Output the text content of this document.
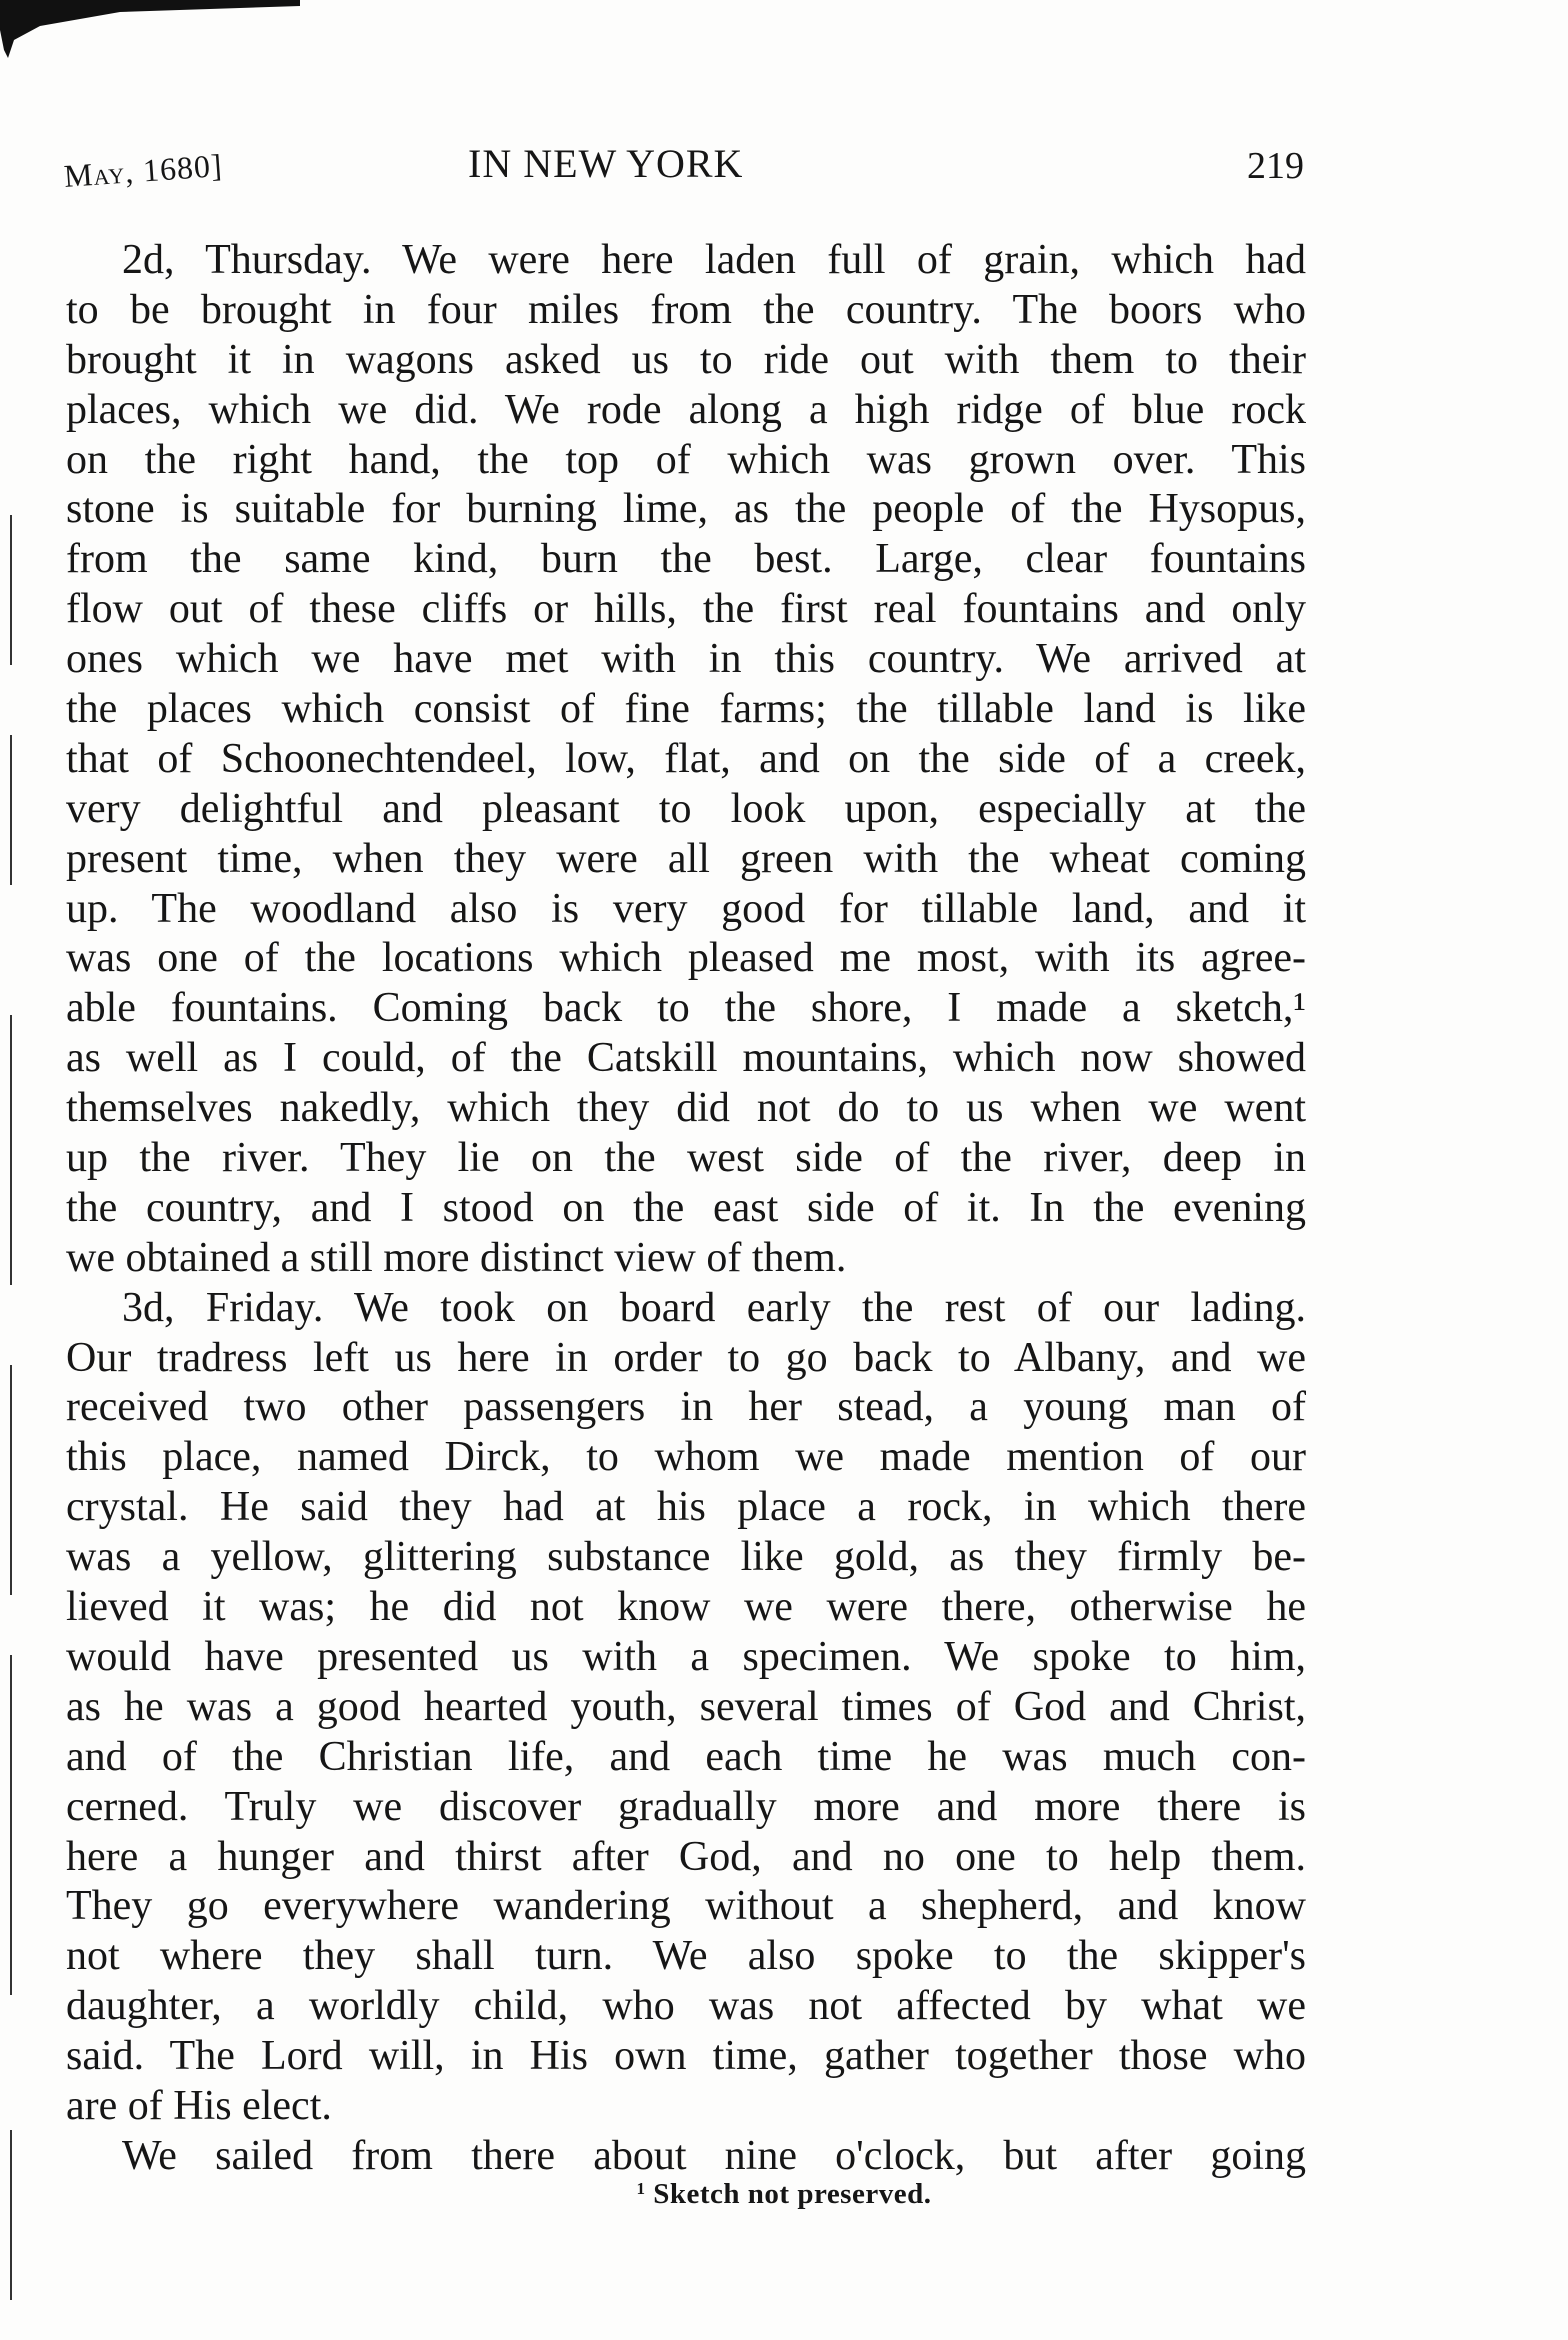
May, 1680]	IN NEW YORK	219
2d, Thursday. We were here laden full of grain, which had
to be brought in four miles from the country. The boors who
brought it in wagons asked us to ride out with them to their
places, which we did. We rode along a high ridge of blue rock
on the right hand, the top of which was grown over. This
stone is suitable for burning lime, as the people of the Hysopus,
from the same kind, burn the best. Large, clear fountains
flow out of these cliffs or hills, the first real fountains and only
ones which we have met with in this country. We arrived at
the places which consist of fine farms; the tillable land is like
that of Schoonechtendeel, low, flat, and on the side of a creek,
very delightful and pleasant to look upon, especially at the
present time, when they were all green with the wheat coming
up. The woodland also is very good for tillable land, and it
was one of the locations which pleased me most, with its agree-
able fountains. Coming back to the shore, I made a sketch,¹
as well as I could, of the Catskill mountains, which now showed
themselves nakedly, which they did not do to us when we went
up the river. They lie on the west side of the river, deep in
the country, and I stood on the east side of it. In the evening
we obtained a still more distinct view of them.
3d, Friday. We took on board early the rest of our lading.
Our tradress left us here in order to go back to Albany, and we
received two other passengers in her stead, a young man of
this place, named Dirck, to whom we made mention of our
crystal. He said they had at his place a rock, in which there
was a yellow, glittering substance like gold, as they firmly be-
lieved it was; he did not know we were there, otherwise he
would have presented us with a specimen. We spoke to him,
as he was a good hearted youth, several times of God and Christ,
and of the Christian life, and each time he was much con-
cerned. Truly we discover gradually more and more there is
here a hunger and thirst after God, and no one to help them.
They go everywhere wandering without a shepherd, and know
not where they shall turn. We also spoke to the skipper's
daughter, a worldly child, who was not affected by what we
said. The Lord will, in His own time, gather together those who
are of His elect.
We sailed from there about nine o'clock, but after going
$^1$ Sketch not preserved.
